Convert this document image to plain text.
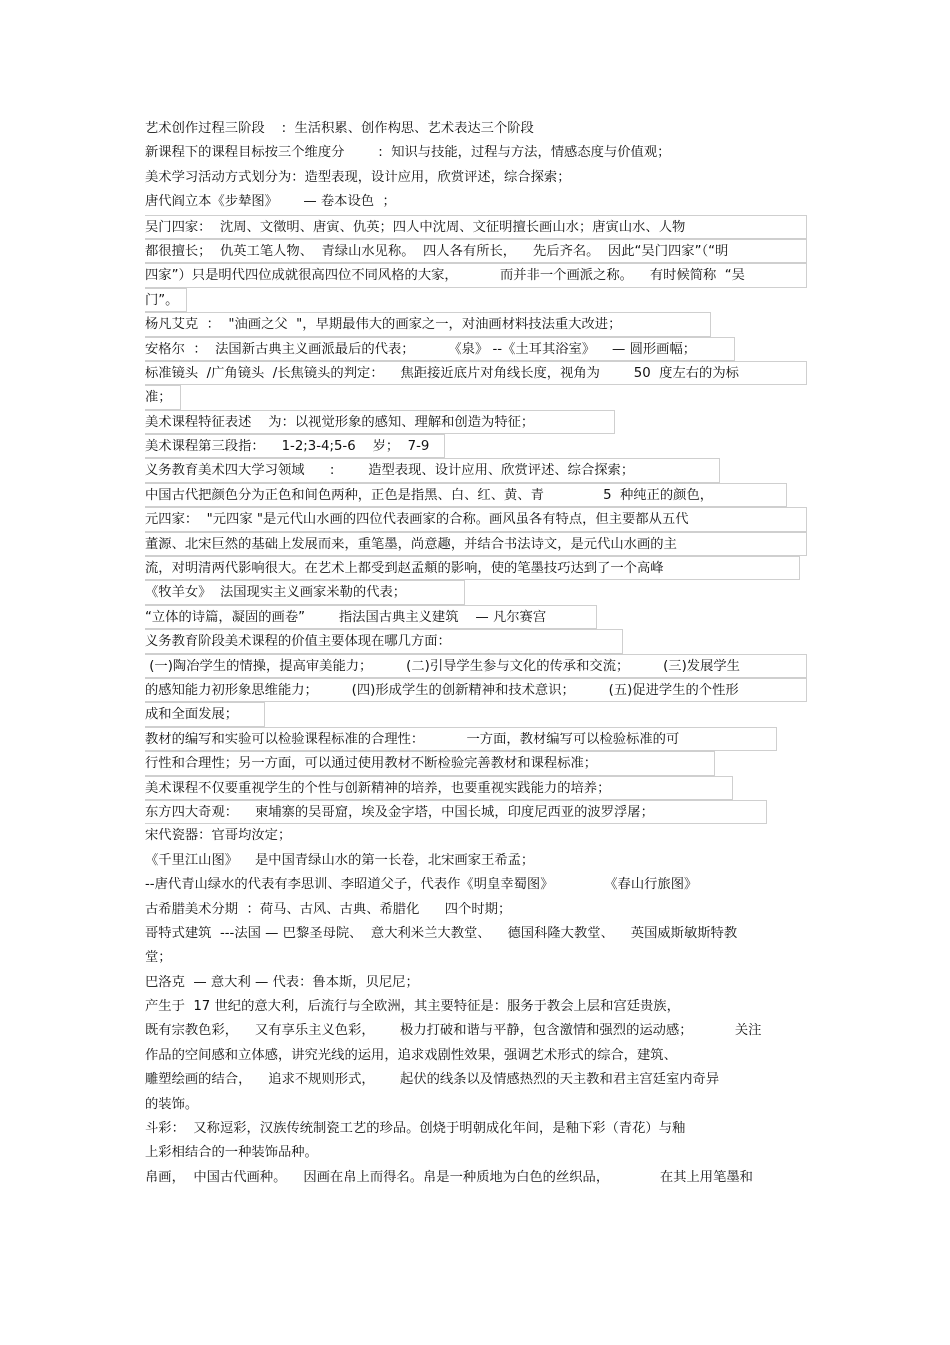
艺术创作过程三阶段    :  生活积累、创作构思、艺术表达三个阶段
新课程下的课程目标按三个维度分        :  知识与技能，过程与方法，情感态度与价值观；
美术学习活动方式划分为：造型表现，设计应用，欣赏评述，综合探索；
唐代阎立本《步辇图》      — 卷本设色  ；
吴门四家：  沈周、文徵明、唐寅、仇英；四人中沈周、文征明擅长画山水；唐寅山水、人物
都很擅长；  仇英工笔人物、  青绿山水见称。  四人各有所长，    先后齐名。  因此“吴门四家”（“明
四家”）只是明代四位成就很高四位不同风格的大家，          而并非一个画派之称。    有时候简称  “吴
门”。
杨凡艾克  ：  "油画之父  "，早期最伟大的画家之一，对油画材料技法重大改进；
安格尔  ：  法国新古典主义画派最后的代表；        《泉》 --《土耳其浴室》    — 圆形画幅；
标准镜头  /广角镜头  /长焦镜头的判定：    焦距接近底片对角线长度，视角为        50  度左右的为标
准；
美术课程特征表述    为：以视觉形象的感知、理解和创造为特征；
美术课程第三段指：    1-2;3-4;5-6    岁；  7-9
义务教育美术四大学习领域      :        造型表现、设计应用、欣赏评述、综合探索；
中国古代把颜色分为正色和间色两种，正色是指黑、白、红、黄、青              5  种纯正的颜色，
元四家：  "元四家 "是元代山水画的四位代表画家的合称。画风虽各有特点，但主要都从五代
董源、北宋巨然的基础上发展而来，重笔墨，尚意趣，并结合书法诗文，是元代山水画的主
流，对明清两代影响很大。在艺术上都受到赵孟頫的影响，使的笔墨技巧达到了一个高峰
《牧羊女》  法国现实主义画家米勒的代表；
“立体的诗篇，凝固的画卷”        指法国古典主义建筑    — 凡尔赛宫
义务教育阶段美术课程的价值主要体现在哪几方面：
(一)陶冶学生的情操，提高审美能力；        (二)引导学生参与文化的传承和交流；        (三)发展学生
的感知能力初形象思维能力；        (四)形成学生的创新精神和技术意识；        (五)促进学生的个性形
成和全面发展；
教材的编写和实验可以检验课程标准的合理性：          一方面，教材编写可以检验标准的可
行性和合理性；另一方面，可以通过使用教材不断检验完善教材和课程标准；
美术课程不仅要重视学生的个性与创新精神的培养，也要重视实践能力的培养；
东方四大奇观：    柬埔寨的吴哥窟，埃及金字塔，中国长城，印度尼西亚的波罗浮屠；
宋代瓷器：官哥均汝定；
《千里江山图》    是中国青绿山水的第一长卷，北宋画家王希孟；
--唐代青山绿水的代表有李思训、李昭道父子，代表作《明皇幸蜀图》            《春山行旅图》
古希腊美术分期  ：荷马、古风、古典、希腊化      四个时期；
哥特式建筑  ---法国 — 巴黎圣母院、  意大利米兰大教堂、    德国科隆大教堂、    英国威斯敏斯特教
堂；
巴洛克  — 意大利 — 代表：鲁本斯，贝尼尼；
产生于  17 世纪的意大利，后流行与全欧洲，其主要特征是：服务于教会上层和宫廷贵族，
既有宗教色彩，    又有享乐主义色彩，      极力打破和谐与平静，包含激情和强烈的运动感；          关注
作品的空间感和立体感，讲究光线的运用，追求戏剧性效果，强调艺术形式的综合，建筑、
雕塑绘画的结合，    追求不规则形式，      起伏的线条以及情感热烈的天主教和君主宫廷室内奇异
的装饰。
斗彩：  又称逗彩，汉族传统制瓷工艺的珍品。创烧于明朝成化年间，是釉下彩（青花）与釉
上彩相结合的一种装饰品种。
帛画，  中国古代画种。    因画在帛上而得名。帛是一种质地为白色的丝织品，            在其上用笔墨和
